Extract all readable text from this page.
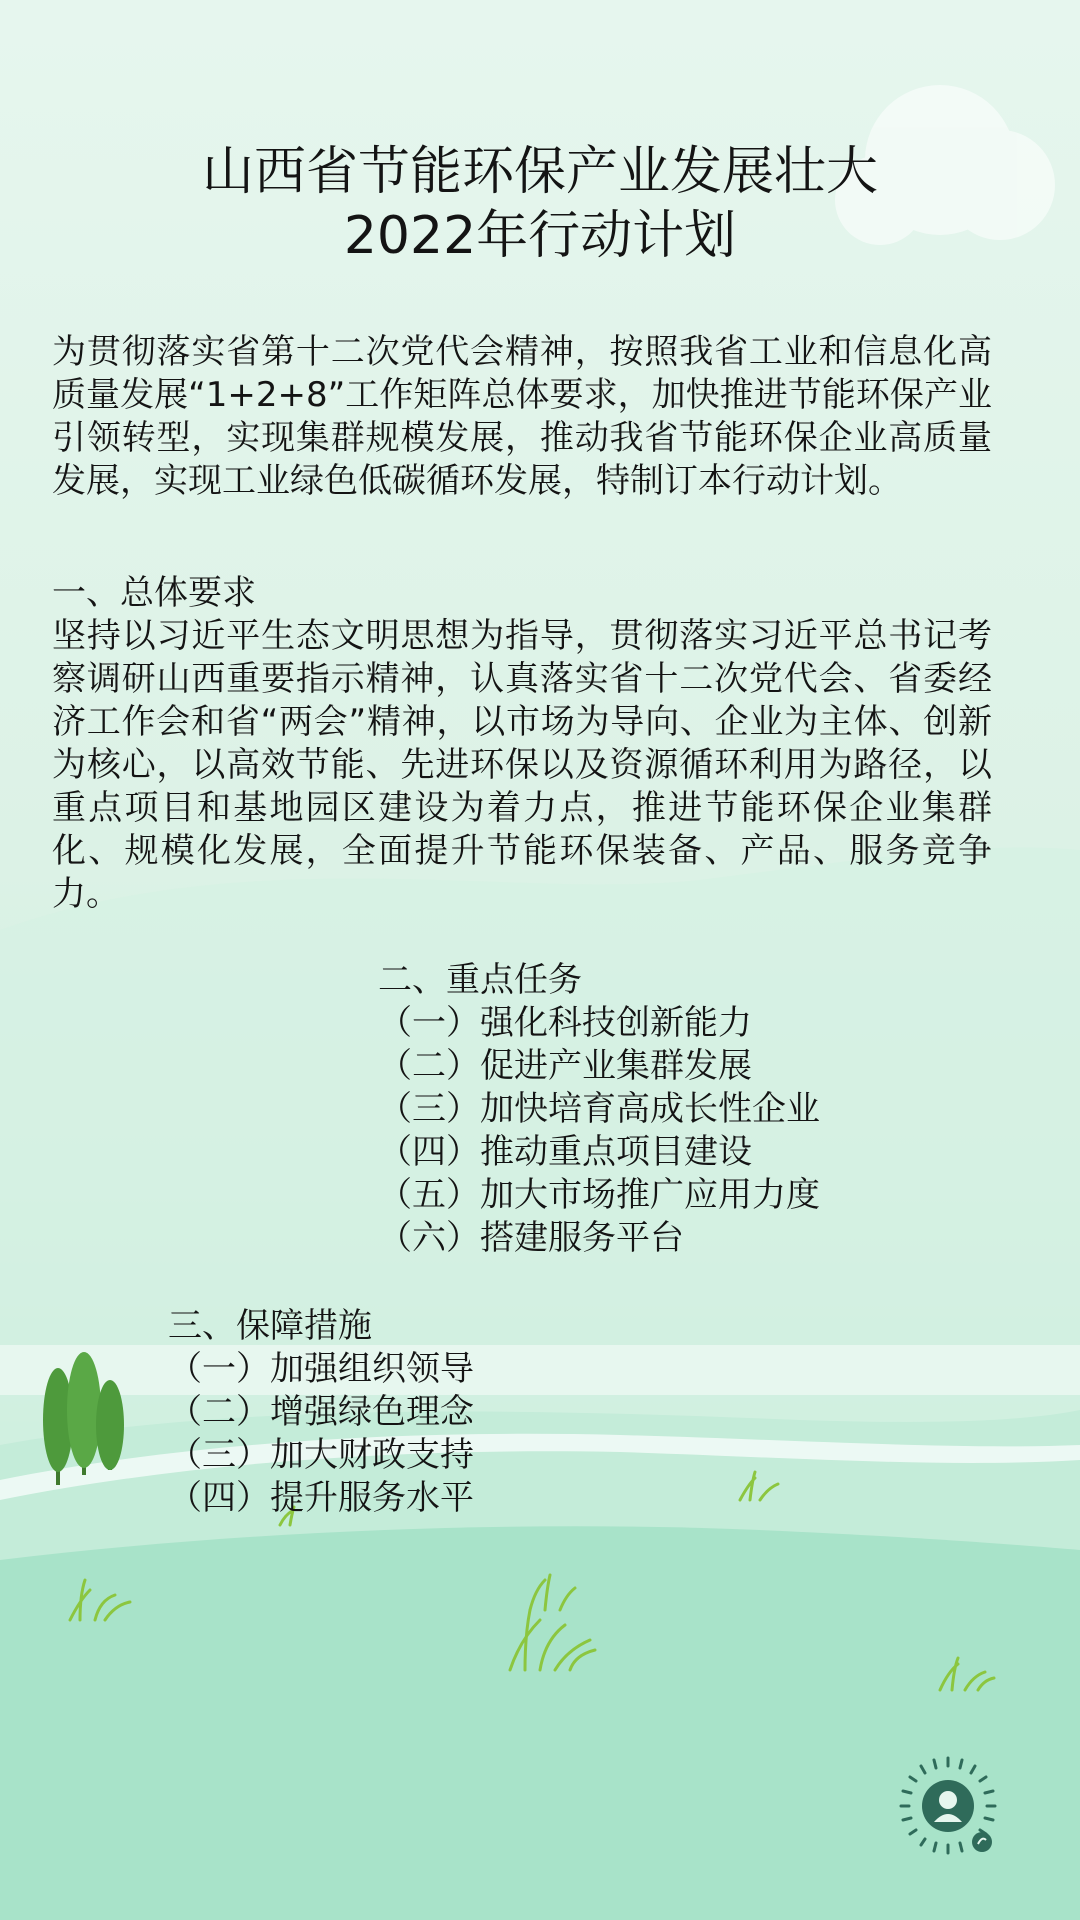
山西省节能环保产业发展壮大
2022年行动计划

为贯彻落实省第十二次党代会精神，按照我省工业和信息化高质量发展“1+2+8”工作矩阵总体要求，加快推进节能环保产业引领转型，实现集群规模发展，推动我省节能环保企业高质量发展，实现工业绿色低碳循环发展，特制订本行动计划。

一、总体要求

坚持以习近平生态文明思想为指导，贯彻落实习近平总书记考察调研山西重要指示精神，认真落实省十二次党代会、省委经济工作会和省“两会”精神，以市场为导向、企业为主体、创新为核心，以高效节能、先进环保以及资源循环利用为路径，以重点项目和基地园区建设为着力点，推进节能环保企业集群化、规模化发展，全面提升节能环保装备、产品、服务竞争力。

二、重点任务
（一）强化科技创新能力
（二）促进产业集群发展
（三）加快培育高成长性企业
（四）推动重点项目建设
（五）加大市场推广应用力度
（六）搭建服务平台
三、保障措施
（一）加强组织领导
（二）增强绿色理念
（三）加大财政支持
（四）提升服务水平
